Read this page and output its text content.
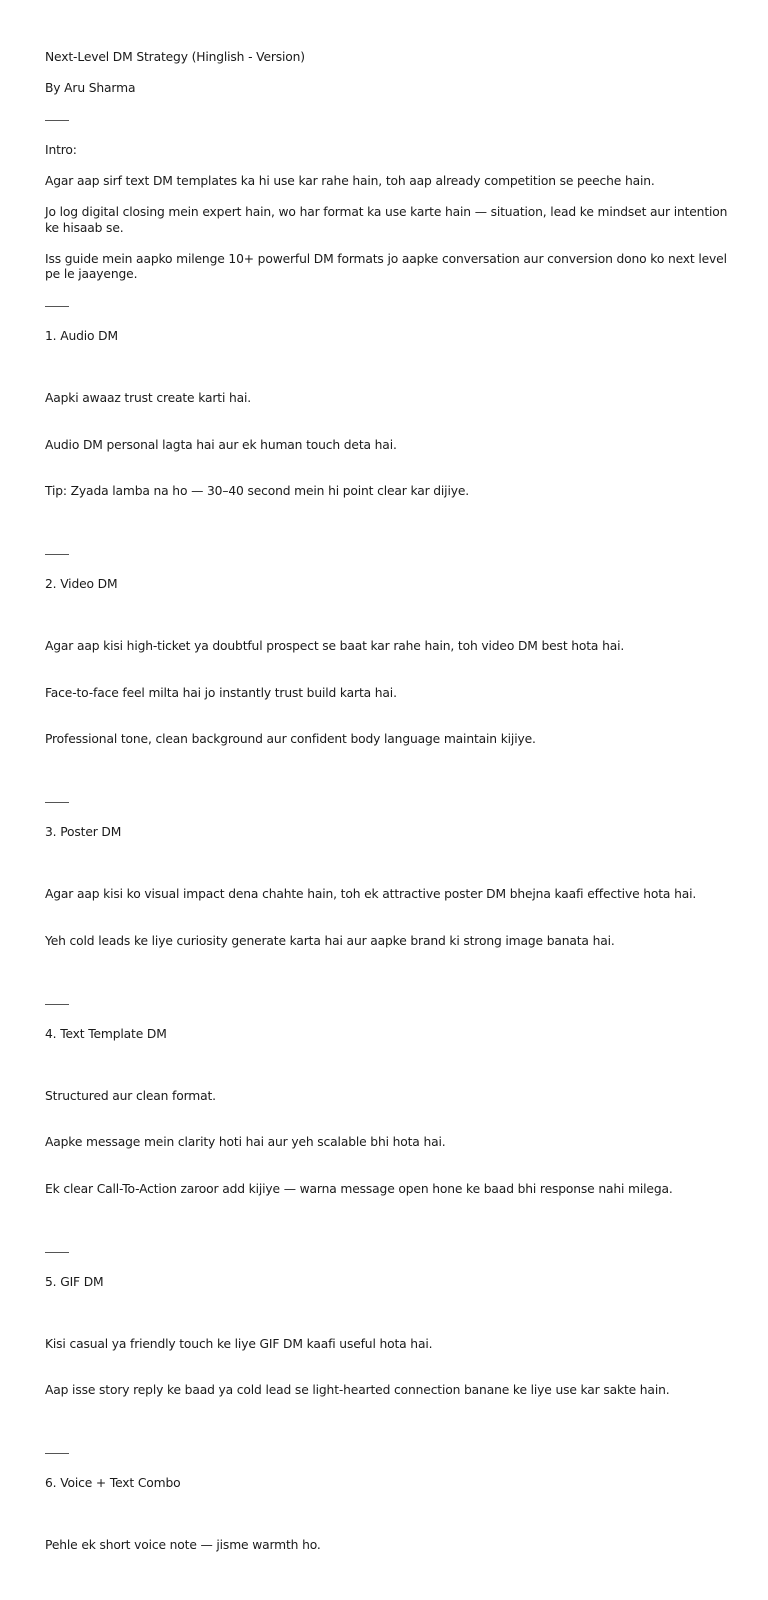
Next-Level DM Strategy (Hinglish - Version)

By Aru Sharma

Intro:

Agar aap sirf text DM templates ka hi use kar rahe hain, toh aap already competition se peeche hain.

Jo log digital closing mein expert hain, wo har format ka use karte hain — situation, lead ke mindset aur intention ke hisaab se.

Iss guide mein aapko milenge 10+ powerful DM formats jo aapke conversation aur conversion dono ko next level pe le jaayenge.

1. Audio DM

Aapki awaaz trust create karti hai.

Audio DM personal lagta hai aur ek human touch deta hai.

Tip: Zyada lamba na ho — 30–40 second mein hi point clear kar dijiye.

2. Video DM

Agar aap kisi high-ticket ya doubtful prospect se baat kar rahe hain, toh video DM best hota hai.

Face-to-face feel milta hai jo instantly trust build karta hai.

Professional tone, clean background aur confident body language maintain kijiye.

3. Poster DM

Agar aap kisi ko visual impact dena chahte hain, toh ek attractive poster DM bhejna kaafi effective hota hai.

Yeh cold leads ke liye curiosity generate karta hai aur aapke brand ki strong image banata hai.

4. Text Template DM

Structured aur clean format.

Aapke message mein clarity hoti hai aur yeh scalable bhi hota hai.

Ek clear Call-To-Action zaroor add kijiye — warna message open hone ke baad bhi response nahi milega.

5. GIF DM

Kisi casual ya friendly touch ke liye GIF DM kaafi useful hota hai.

Aap isse story reply ke baad ya cold lead se light-hearted connection banane ke liye use kar sakte hain.

6. Voice + Text Combo

Pehle ek short voice note — jisme warmth ho.
